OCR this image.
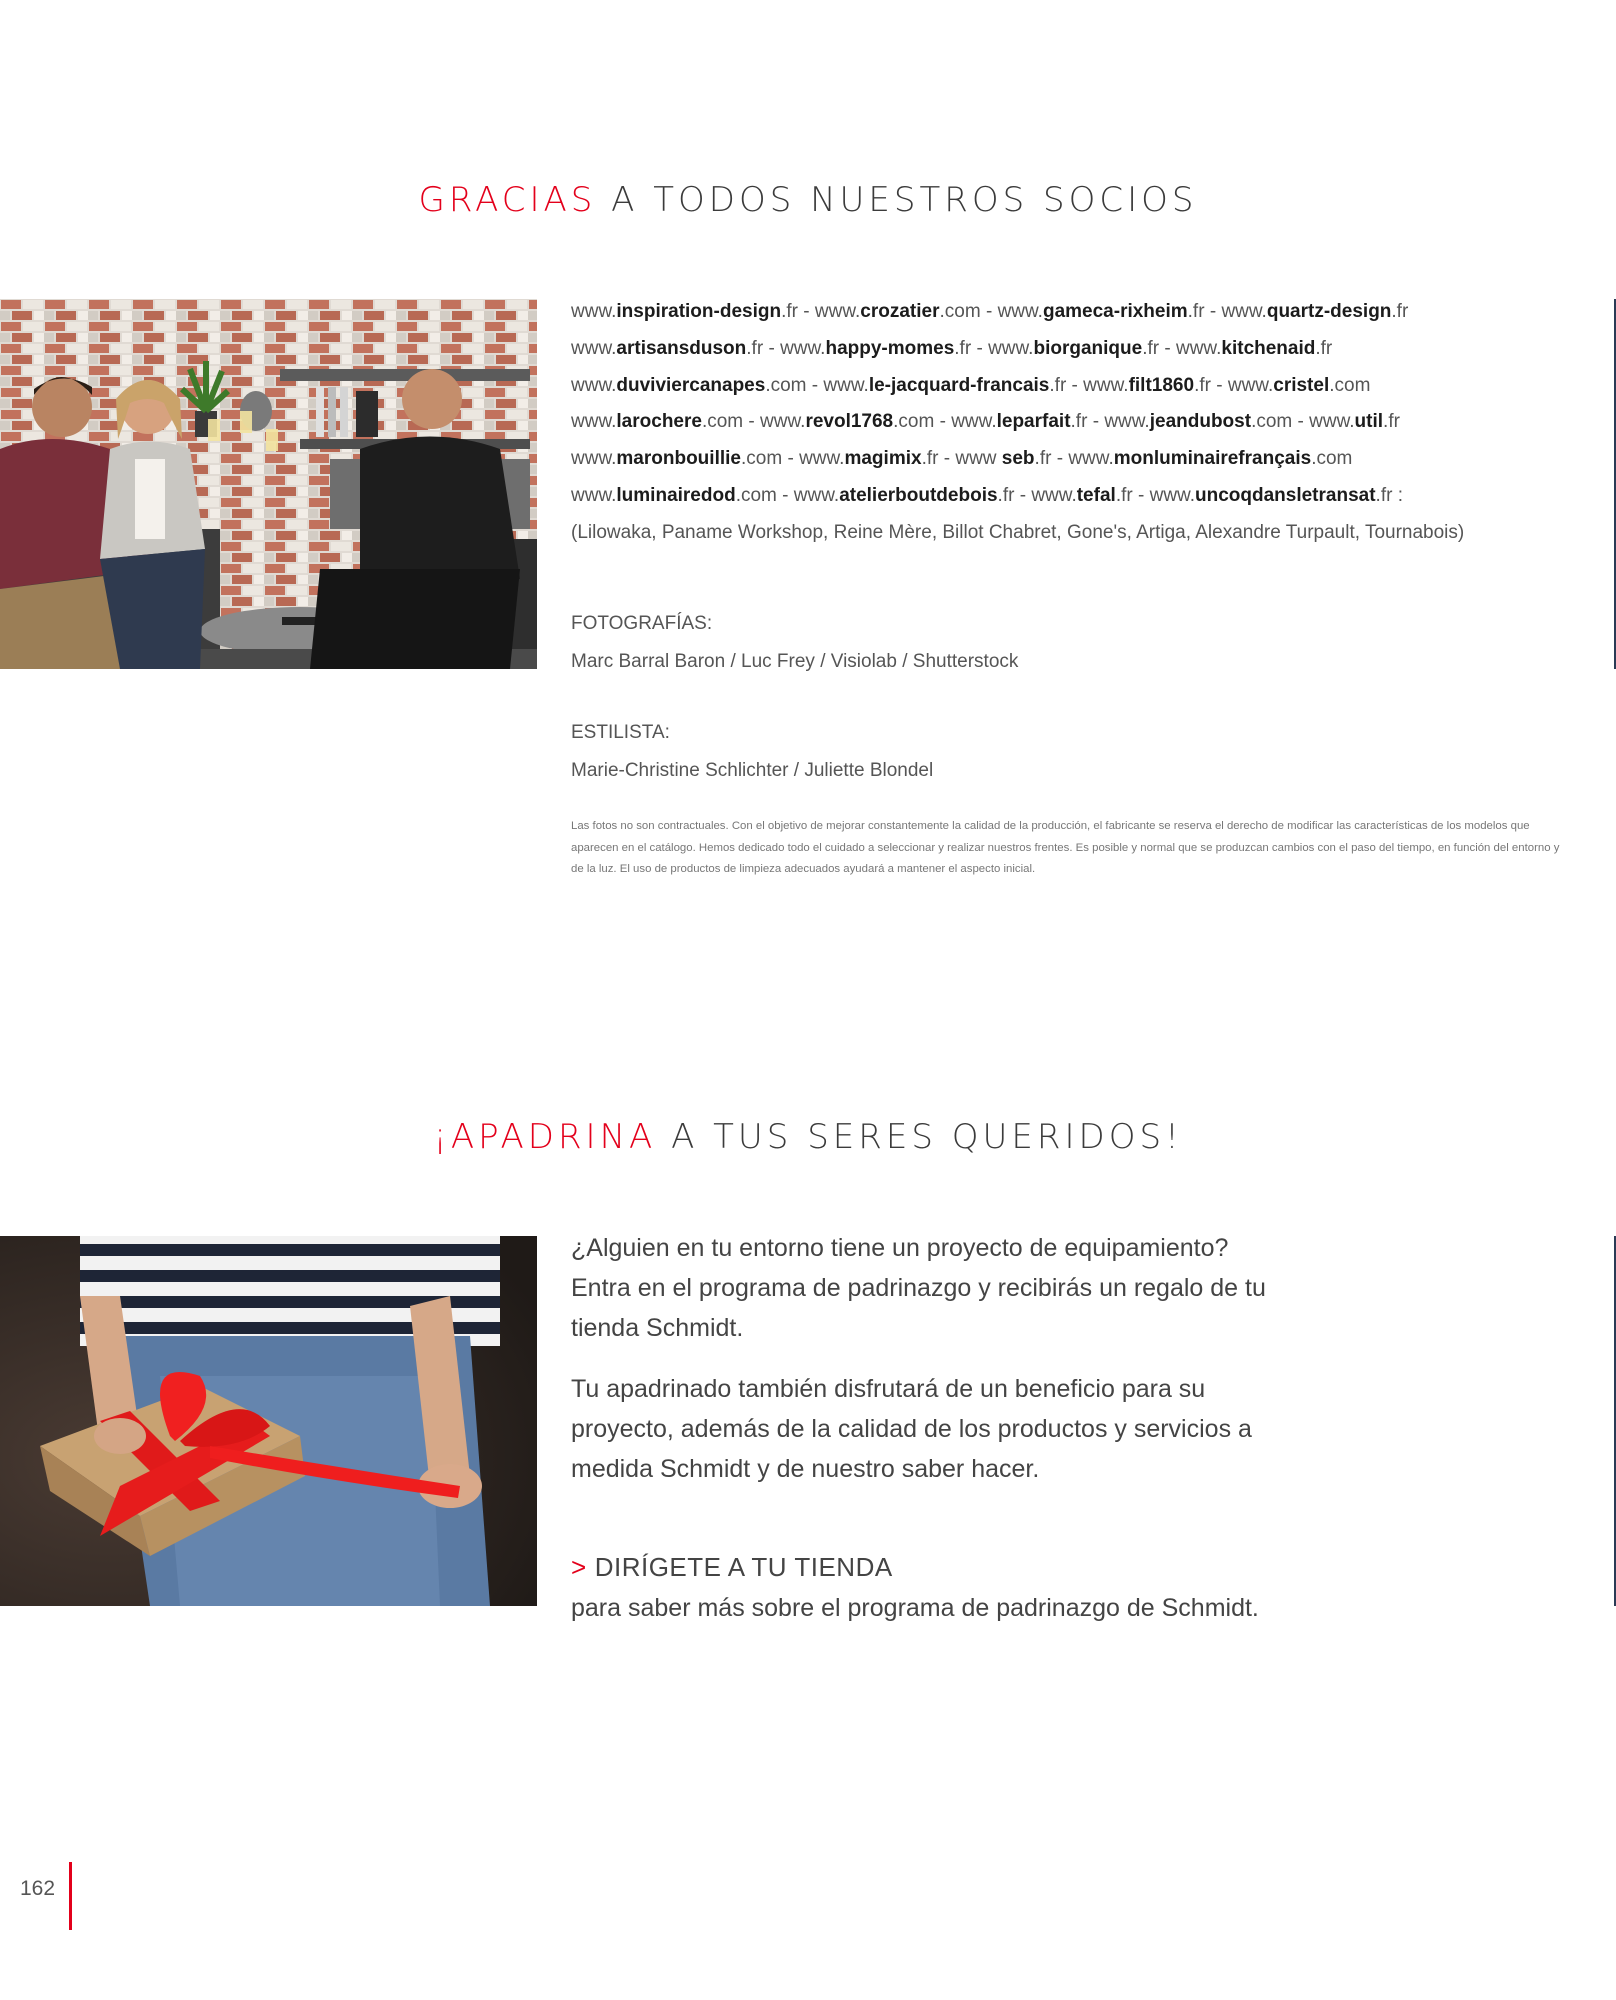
GRACIAS A TODOS NUESTROS SOCIOS
www.inspiration-design.fr - www.crozatier.com - www.gameca-rixheim.fr - www.quartz-design.fr
www.artisansduson.fr - www.happy-momes.fr - www.biorganique.fr - www.kitchenaid.fr
www.duviviercanapes.com - www.le-jacquard-francais.fr - www.filt1860.fr - www.cristel.com
www.larochere.com - www.revol1768.com - www.leparfait.fr - www.jeandubost.com - www.util.fr
www.maronbouillie.com - www.magimix.fr - www seb.fr - www.monluminairefrançais.com
www.luminairedod.com - www.atelierboutdebois.fr - www.tefal.fr - www.uncoqdansletransat.fr :
(Lilowaka, Paname Workshop, Reine Mère, Billot Chabret, Gone's, Artiga, Alexandre Turpault, Tournabois)
FOTOGRAFÍAS:
Marc Barral Baron / Luc Frey / Visiolab / Shutterstock
ESTILISTA:
Marie-Christine Schlichter / Juliette Blondel

Las fotos no son contractuales. Con el objetivo de mejorar constantemente la calidad de la producción, el fabricante se reserva el derecho de modificar las características de los modelos que aparecen en el catálogo. Hemos dedicado todo el cuidado a seleccionar y realizar nuestros frentes. Es posible y normal que se produzcan cambios con el paso del tiempo, en función del entorno y de la luz. El uso de productos de limpieza adecuados ayudará a mantener el aspecto inicial.

¡APADRINA A TUS SERES QUERIDOS!

¿Alguien en tu entorno tiene un proyecto de equipamiento? Entra en el programa de padrinazgo y recibirás un regalo de tu tienda Schmidt.

Tu apadrinado también disfrutará de un beneficio para su proyecto, además de la calidad de los productos y servicios a medida Schmidt y de nuestro saber hacer.

> DIRÍGETE A TU TIENDA
para saber más sobre el programa de padrinazgo de Schmidt.
162
